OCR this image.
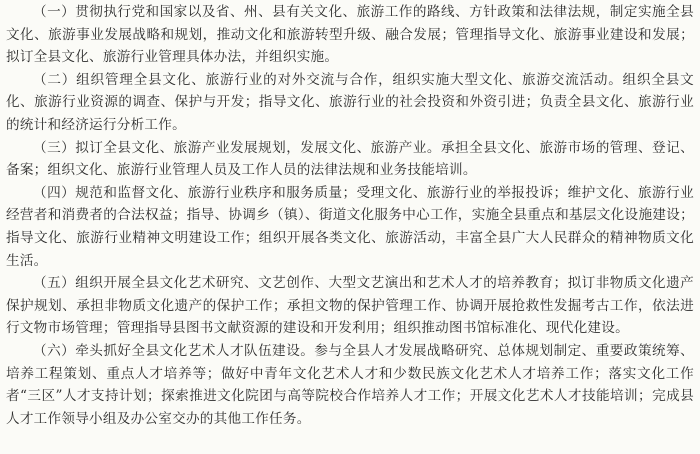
（一）贯彻执行党和国家以及省、州、县有关文化、旅游工作的路线、方针政策和法律法规，制定实施全县文化、旅游事业发展战略和规划，推动文化和旅游转型升级、融合发展；管理指导文化、旅游事业建设和发展；拟订全县文化、旅游行业管理具体办法，并组织实施。

（二）组织管理全县文化、旅游行业的对外交流与合作，组织实施大型文化、旅游交流活动。组织全县文化、旅游行业资源的调查、保护与开发；指导文化、旅游行业的社会投资和外资引进；负责全县文化、旅游行业的统计和经济运行分析工作。

（三）拟订全县文化、旅游产业发展规划，发展文化、旅游产业。承担全县文化、旅游市场的管理、登记、备案；组织文化、旅游行业管理人员及工作人员的法律法规和业务技能培训。

（四）规范和监督文化、旅游行业秩序和服务质量；受理文化、旅游行业的举报投诉；维护文化、旅游行业经营者和消费者的合法权益；指导、协调乡（镇）、街道文化服务中心工作，实施全县重点和基层文化设施建设；指导文化、旅游行业精神文明建设工作；组织开展各类文化、旅游活动，丰富全县广大人民群众的精神物质文化生活。

（五）组织开展全县文化艺术研究、文艺创作、大型文艺演出和艺术人才的培养教育；拟订非物质文化遗产保护规划、承担非物质文化遗产的保护工作；承担文物的保护管理工作、协调开展抢救性发掘考古工作，依法进行文物市场管理；管理指导县图书文献资源的建设和开发利用；组织推动图书馆标准化、现代化建设。

（六）牵头抓好全县文化艺术人才队伍建设。参与全县人才发展战略研究、总体规划制定、重要政策统筹、培养工程策划、重点人才培养等；做好中青年文化艺术人才和少数民族文化艺术人才培养工作；落实文化工作者“三区”人才支持计划；探索推进文化院团与高等院校合作培养人才工作；开展文化艺术人才技能培训；完成县人才工作领导小组及办公室交办的其他工作任务。
